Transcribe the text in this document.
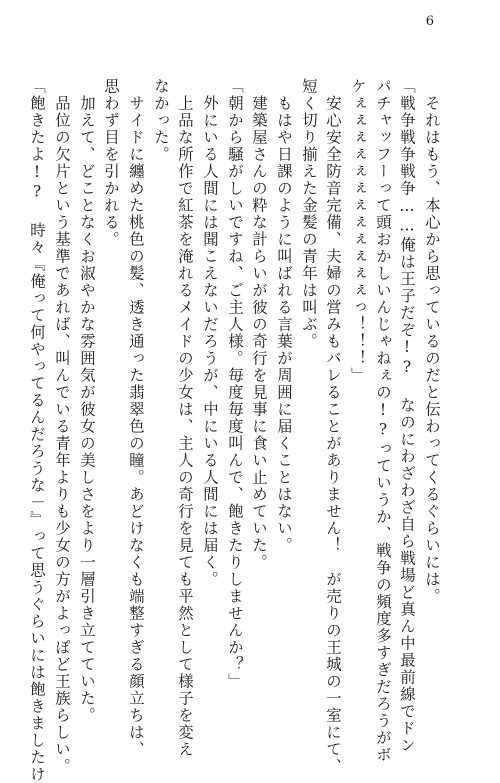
6
　それはもう、本心から思っているのだと伝わってくるぐらいには。
「戦争戦争戦争……俺は王子だぞ!? なのにわざわざ自ら戦場ど真ん中最前線でドン
パチャッフーって頭おかしいんじゃねぇの!?っていうか、戦争の頻度多すぎだろうがボ
ケぇぇぇぇぇぇぇぇぇぇぇぇっ！！！」
　安心安全防音完備、夫婦の営みもバレることがありません！　が売りの王城の一室にて、
短く切り揃えた金髪の青年は叫ぶ。
　もはや日課のように叫ばれる言葉が周囲に届くことはない。
　建築屋さんの粋な計らいが彼の奇行を見事に食い止めていた。
「朝から騒がしいですね、ご主人様。毎度毎度叫んで、飽きたりしませんか？」
　外にいる人間には聞こえないだろうが、中にいる人間には届く。
　上品な所作で紅茶を淹れるメイドの少女は、主人の奇行を見ても平然として様子を変え
なかった。
　サイドに纏めた桃色の髪、透き通った翡翠色の瞳。あどけなくも端整すぎる顔立ちは、
思わず目を引かれる。
　加えて、どことなくお淑やかな雰囲気が彼女の美しさをより一層引き立てていた。
　品位の欠片という基準であれば、叫んでいる青年よりも少女の方がよっぽど王族らしい。
「飽きたよ!? 時々『俺って何やってるんだろうな－』って思うぐらいには飽きましたけ
